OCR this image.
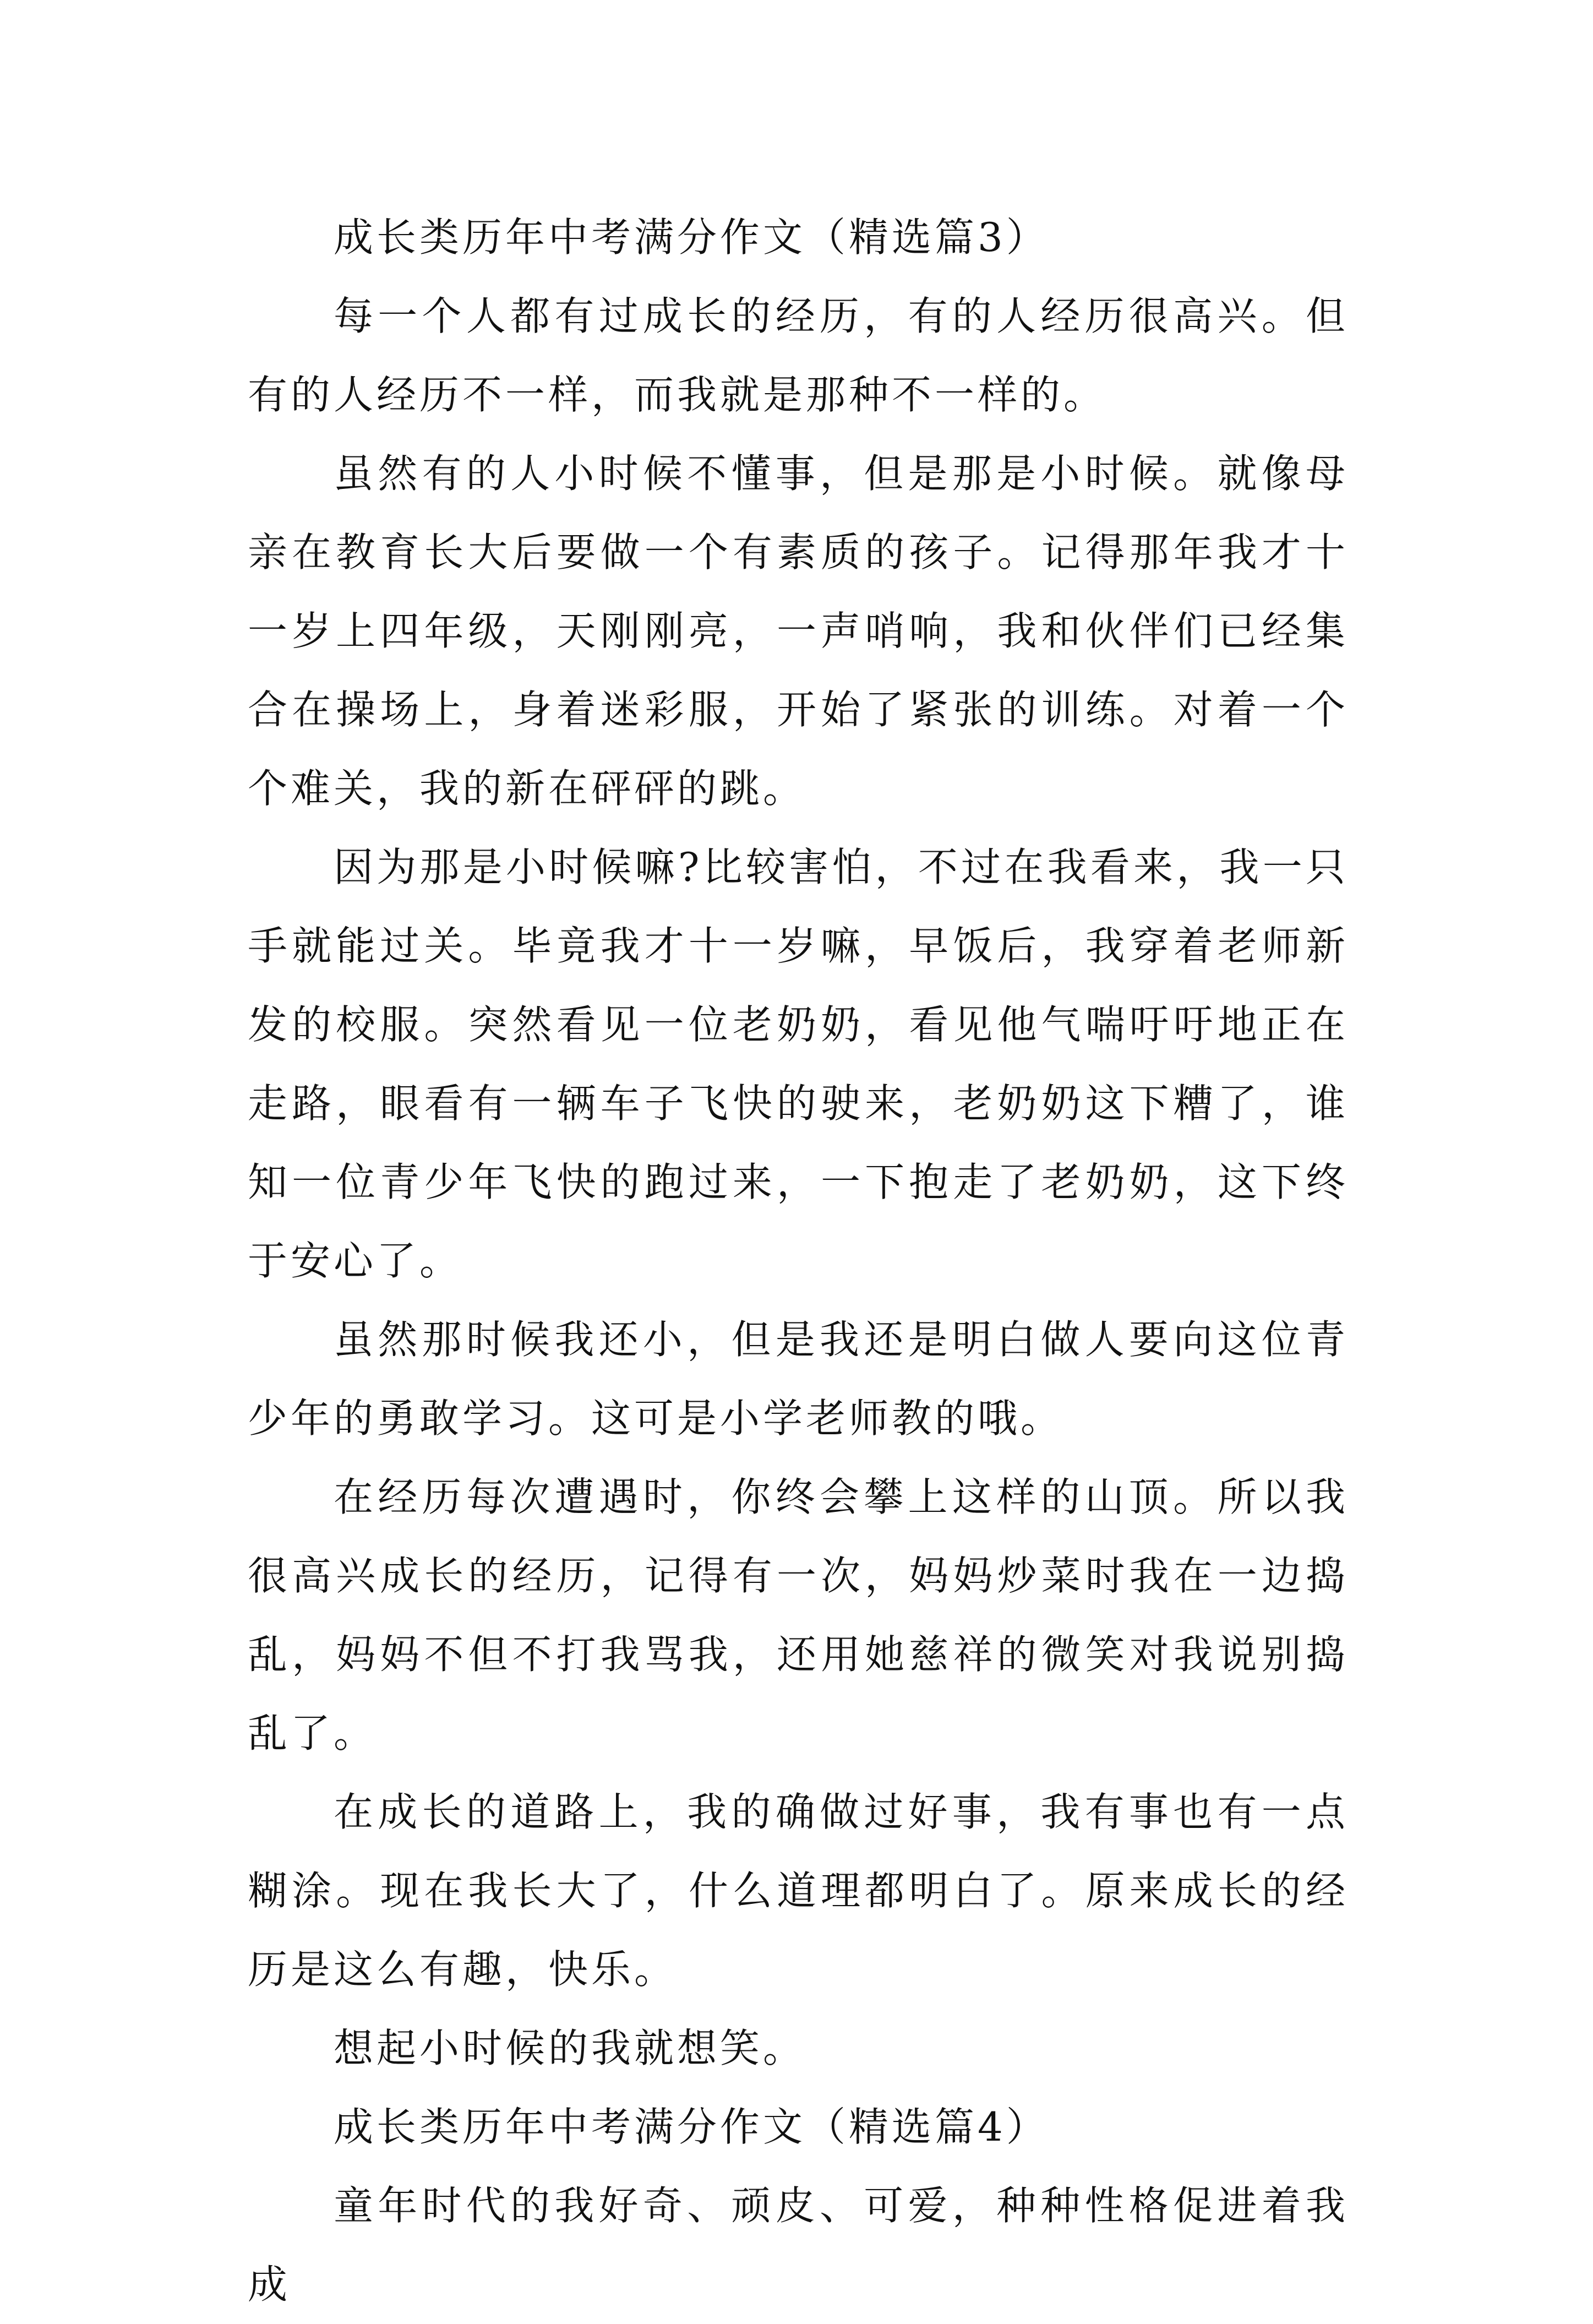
成长类历年中考满分作文（精选篇3）

每一个人都有过成长的经历，有的人经历很高兴。但有的人经历不一样，而我就是那种不一样的。

虽然有的人小时候不懂事，但是那是小时候。就像母亲在教育长大后要做一个有素质的孩子。记得那年我才十一岁上四年级，天刚刚亮，一声哨响，我和伙伴们已经集合在操场上，身着迷彩服，开始了紧张的训练。对着一个个难关，我的新在砰砰的跳。

因为那是小时候嘛?比较害怕，不过在我看来，我一只手就能过关。毕竟我才十一岁嘛，早饭后，我穿着老师新发的校服。突然看见一位老奶奶，看见他气喘吁吁地正在走路，眼看有一辆车子飞快的驶来，老奶奶这下糟了，谁知一位青少年飞快的跑过来，一下抱走了老奶奶，这下终于安心了。

虽然那时候我还小，但是我还是明白做人要向这位青少年的勇敢学习。这可是小学老师教的哦。

在经历每次遭遇时，你终会攀上这样的山顶。所以我很高兴成长的经历，记得有一次，妈妈炒菜时我在一边捣乱，妈妈不但不打我骂我，还用她慈祥的微笑对我说别捣乱了。

在成长的道路上，我的确做过好事，我有事也有一点糊涂。现在我长大了，什么道理都明白了。原来成长的经历是这么有趣，快乐。

想起小时候的我就想笑。

成长类历年中考满分作文（精选篇4）

童年时代的我好奇、顽皮、可爱，种种性格促进着我成
